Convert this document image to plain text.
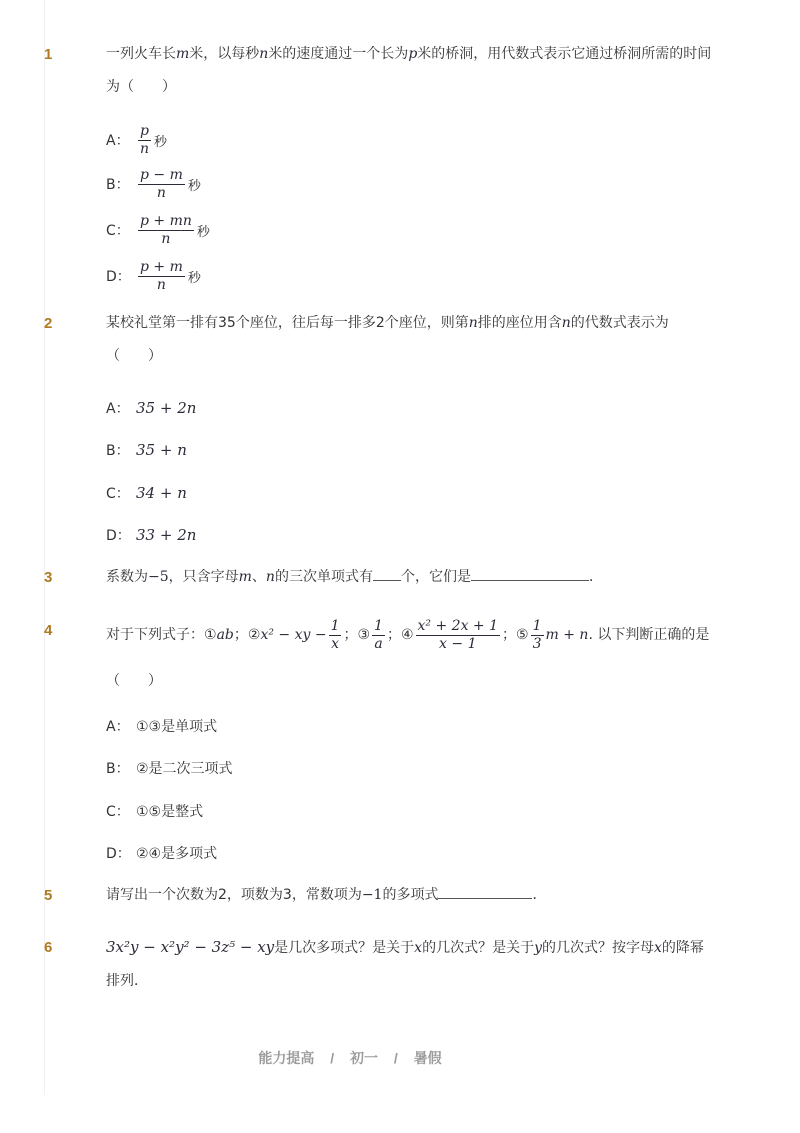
1	一列火车长m米，以每秒n米的速度通过一个长为p米的桥洞，用代数式表示它通过桥洞所需的时间为（　　）
A： $\frac{p}{n}$ 秒
B： $\frac{p - m}{n}$ 秒
C： $\frac{p + mn}{n}$ 秒
D： $\frac{p + m}{n}$ 秒
2	某校礼堂第一排有35个座位，往后每一排多2个座位，则第n排的座位用含n的代数式表示为（　　）
A： 35 + 2n
B： 35 + n
C： 34 + n
D： 33 + 2n
3	系数为−5，只含字母m、n的三次单项式有 个，它们是	．
4	对于下列式子：①ab；②x² − xy − $\frac{1}{x}$ ；③ $\frac{1}{a}$ ；④ $\frac{\text{x² + 2x + 1}}{x - 1}$ ；⑤ $\frac{1}{3}$ m + n. 以下判断正确的是（　　）
A： ①③是单项式
B： ②是二次三项式
C： ①⑤是整式
D： ②④是多项式
5	请写出一个次数为2，项数为3，常数项为−1的多项式	．
6	3x²y − x²y² − 3z⁵ − xy是几次多项式？是关于x的几次式？是关于y的几次式？按字母x的降幂排列．
能力提高 / 初一 / 暑假
